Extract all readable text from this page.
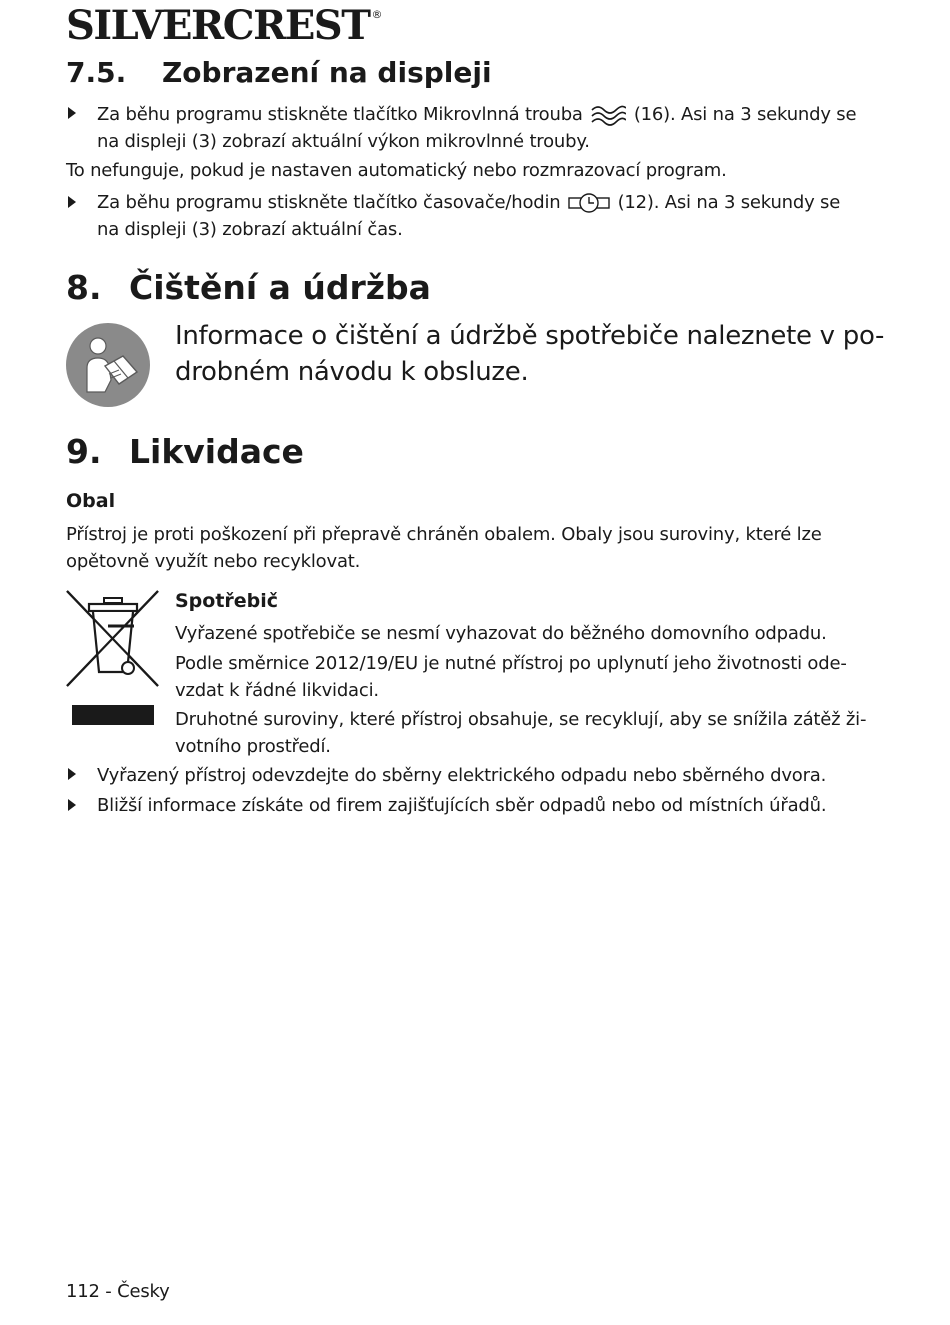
SILVERCREST ®
7.5. Zobrazení na displeji
Za běhu programu stiskněte tlačítko Mikrovlnná trouba	(16). Asi na 3 sekundy se
na displeji (3) zobrazí aktuální výkon mikrovlnné trouby.
To nefunguje, pokud je nastaven automatický nebo rozmrazovací program.
Za běhu programu stiskněte tlačítko časovače/hodin	(12). Asi na 3 sekundy se
na displeji (3) zobrazí aktuální čas.
8. Čištění a údržba
Informace o čištění a údržbě spotřebiče naleznete v po-
drobném návodu k obsluze.
9. Likvidace
Obal
Přístroj je proti poškození při přepravě chráněn obalem. Obaly jsou suroviny, které lze
opětovně využít nebo recyklovat.
Spotřebič
Vyřazené spotřebiče se nesmí vyhazovat do běžného domovního odpadu.
Podle směrnice 2012/19/EU je nutné přístroj po uplynutí jeho životnosti ode-
vzdat k řádné likvidaci.
Druhotné suroviny, které přístroj obsahuje, se recyklují, aby se snížila zátěž ži-
votního prostředí.
Vyřazený přístroj odevzdejte do sběrny elektrického odpadu nebo sběrného dvora.
Bližší informace získáte od firem zajišťujících sběr odpadů nebo od místních úřadů.
112 - Česky
